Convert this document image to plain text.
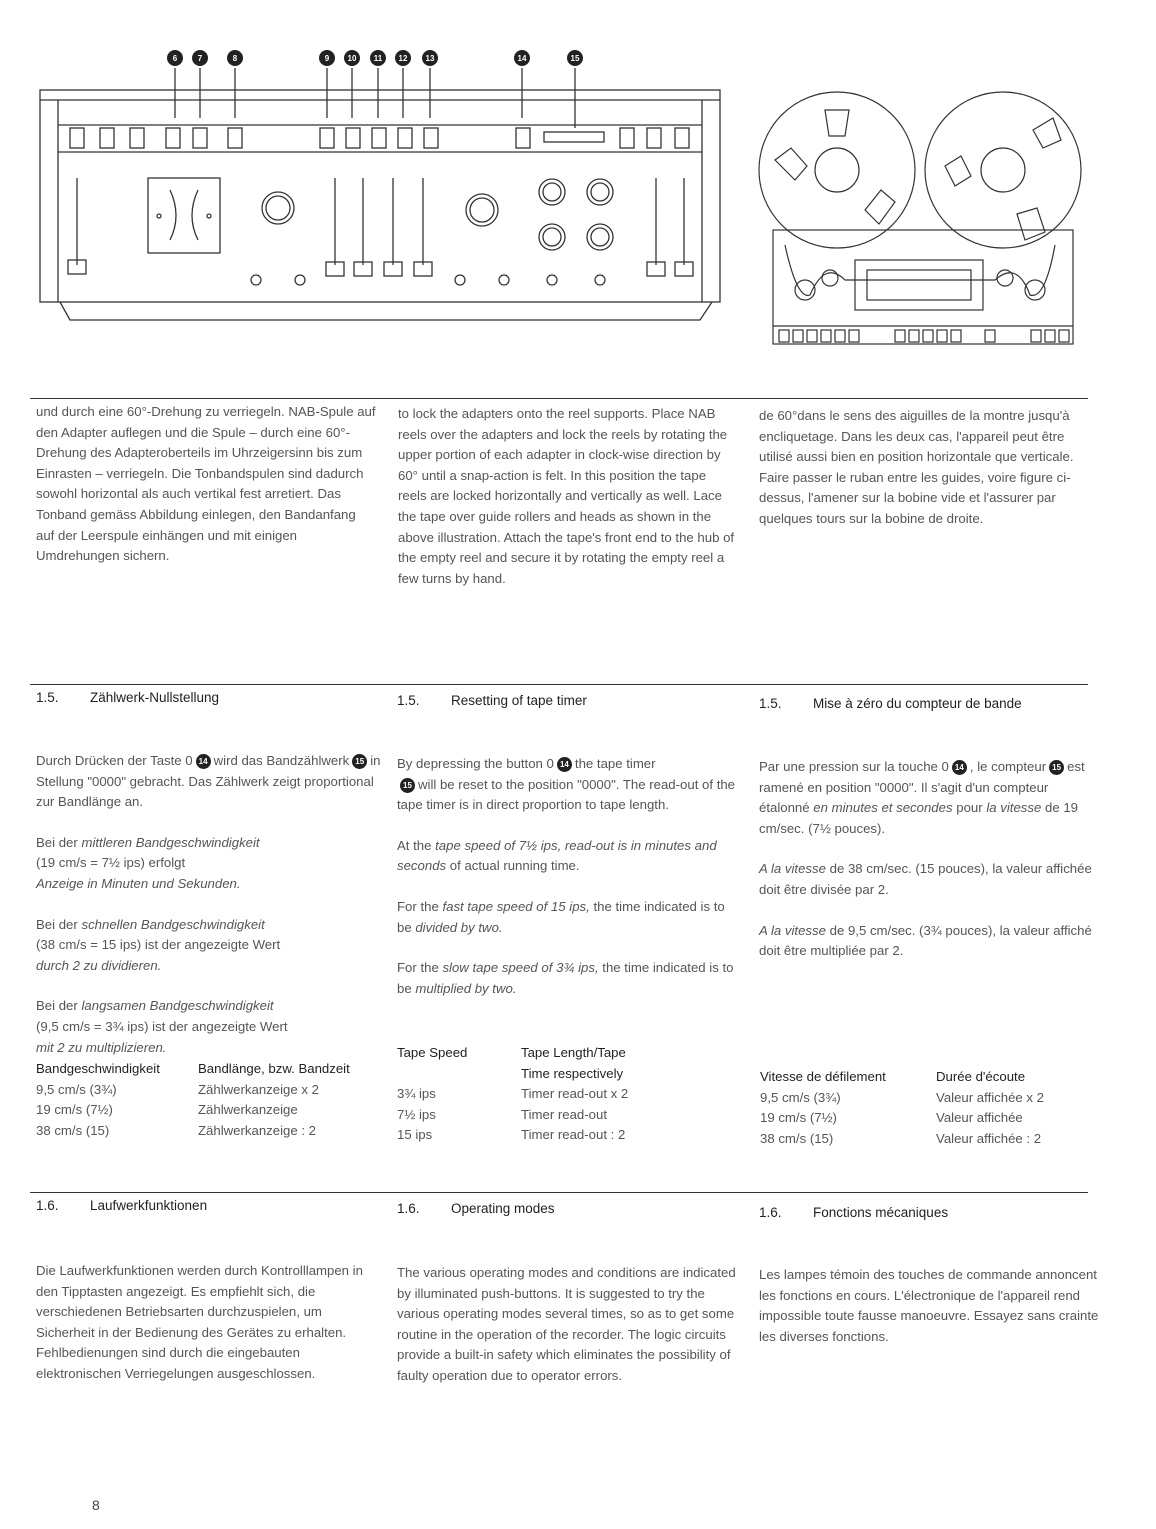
6	7	8	9 10 11 12 13	14	15

und durch eine 60°-Drehung zu verriegeln. NAB-Spule auf den Adapter auflegen und die Spule – durch eine 60°-Drehung des Adapteroberteils im Uhrzeigersinn bis zum Einrasten – verriegeln. Die Tonbandspulen sind dadurch sowohl horizontal als auch vertikal fest arretiert. Das Tonband gemäss Abbildung einlegen, den Bandanfang auf der Leerspule einhängen und mit einigen Umdrehungen sichern.

to lock the adapters onto the reel supports. Place NAB reels over the adapters and lock the reels by rotating the upper portion of each adapter in clock-wise direction by 60° until a snap-action is felt. In this position the tape reels are locked horizontally and vertically as well. Lace the tape over guide rollers and heads as shown in the above illustration. Attach the tape's front end to the hub of the empty reel and secure it by rotating the empty reel a few turns by hand.

de 60°dans le sens des aiguilles de la montre jusqu'à encliquetage. Dans les deux cas, l'appareil peut être utilisé aussi bien en position horizontale que verticale. Faire passer le ruban entre les guides, voire figure ci-dessus, l'amener sur la bobine vide et l'assurer par quelques tours sur la bobine de droite.

1.5. Zählwerk-Nullstellung	1.5. Resetting of tape timer	1.5. Mise à zéro du compteur de bande

Durch Drücken der Taste 0 14 wird das Bandzählwerk 15 in Stellung "0000" gebracht. Das Zählwerk zeigt proportional zur Bandlänge an.

Bei der mittleren Bandgeschwindigkeit
(19 cm/s = 7½ ips) erfolgt
Anzeige in Minuten und Sekunden.

Bei der schnellen Bandgeschwindigkeit
(38 cm/s = 15 ips) ist der angezeigte Wert
durch 2 zu dividieren.

Bei der langsamen Bandgeschwindigkeit
(9,5 cm/s = 3¾ ips) ist der angezeigte Wert
mit 2 zu multiplizieren.

Bandgeschwindigkeit	Bandlänge, bzw. Bandzeit
9,5 cm/s (3¾)	Zählwerkanzeige x 2
19 cm/s (7½)	Zählwerkanzeige
38 cm/s (15)	Zählwerkanzeige : 2

By depressing the button 0 14 the tape timer
15 will be reset to the position "0000". The read-out of the tape timer is in direct proportion to tape length.

At the tape speed of 7½ ips, read-out is in minutes and seconds of actual running time.

For the fast tape speed of 15 ips, the time indicated is to be divided by two.

For the slow tape speed of 3¾ ips, the time indicated is to be multiplied by two.

Tape Speed	Tape Length/Tape
Time respectively
3¾ ips	Timer read-out x 2
7½ ips	Timer read-out
15 ips	Timer read-out : 2

Par une pression sur la touche 0 14 , le compteur 15 est ramené en position "0000". Il s'agit d'un compteur étalonné en minutes et secondes pour la vitesse de 19 cm/sec. (7½ pouces).

A la vitesse de 38 cm/sec. (15 pouces), la valeur affichée doit être divisée par 2.

A la vitesse de 9,5 cm/sec. (3¾ pouces), la valeur affiché doit être multipliée par 2.

Vitesse de défilement	Durée d'écoute
9,5 cm/s (3¾)	Valeur affichée x 2
19 cm/s (7½)	Valeur affichée
38 cm/s (15)	Valeur affichée : 2
1.6. Laufwerkfunktionen	1.6. Operating modes	1.6. Fonctions mécaniques

Die Laufwerkfunktionen werden durch Kontrolllampen in den Tipptasten angezeigt. Es empfiehlt sich, die verschiedenen Betriebsarten durchzuspielen, um Sicherheit in der Bedienung des Gerätes zu erhalten. Fehlbedienungen sind durch die eingebauten elektronischen Verriegelungen ausgeschlossen.

The various operating modes and conditions are indicated by illuminated push-buttons. It is suggested to try the various operating modes several times, so as to get some routine in the operation of the recorder. The logic circuits provide a built-in safety which eliminates the possibility of faulty operation due to operator errors.

Les lampes témoin des touches de commande annoncent les fonctions en cours. L'électronique de l'appareil rend impossible toute fausse manoeuvre. Essayez sans crainte les diverses fonctions.

8
